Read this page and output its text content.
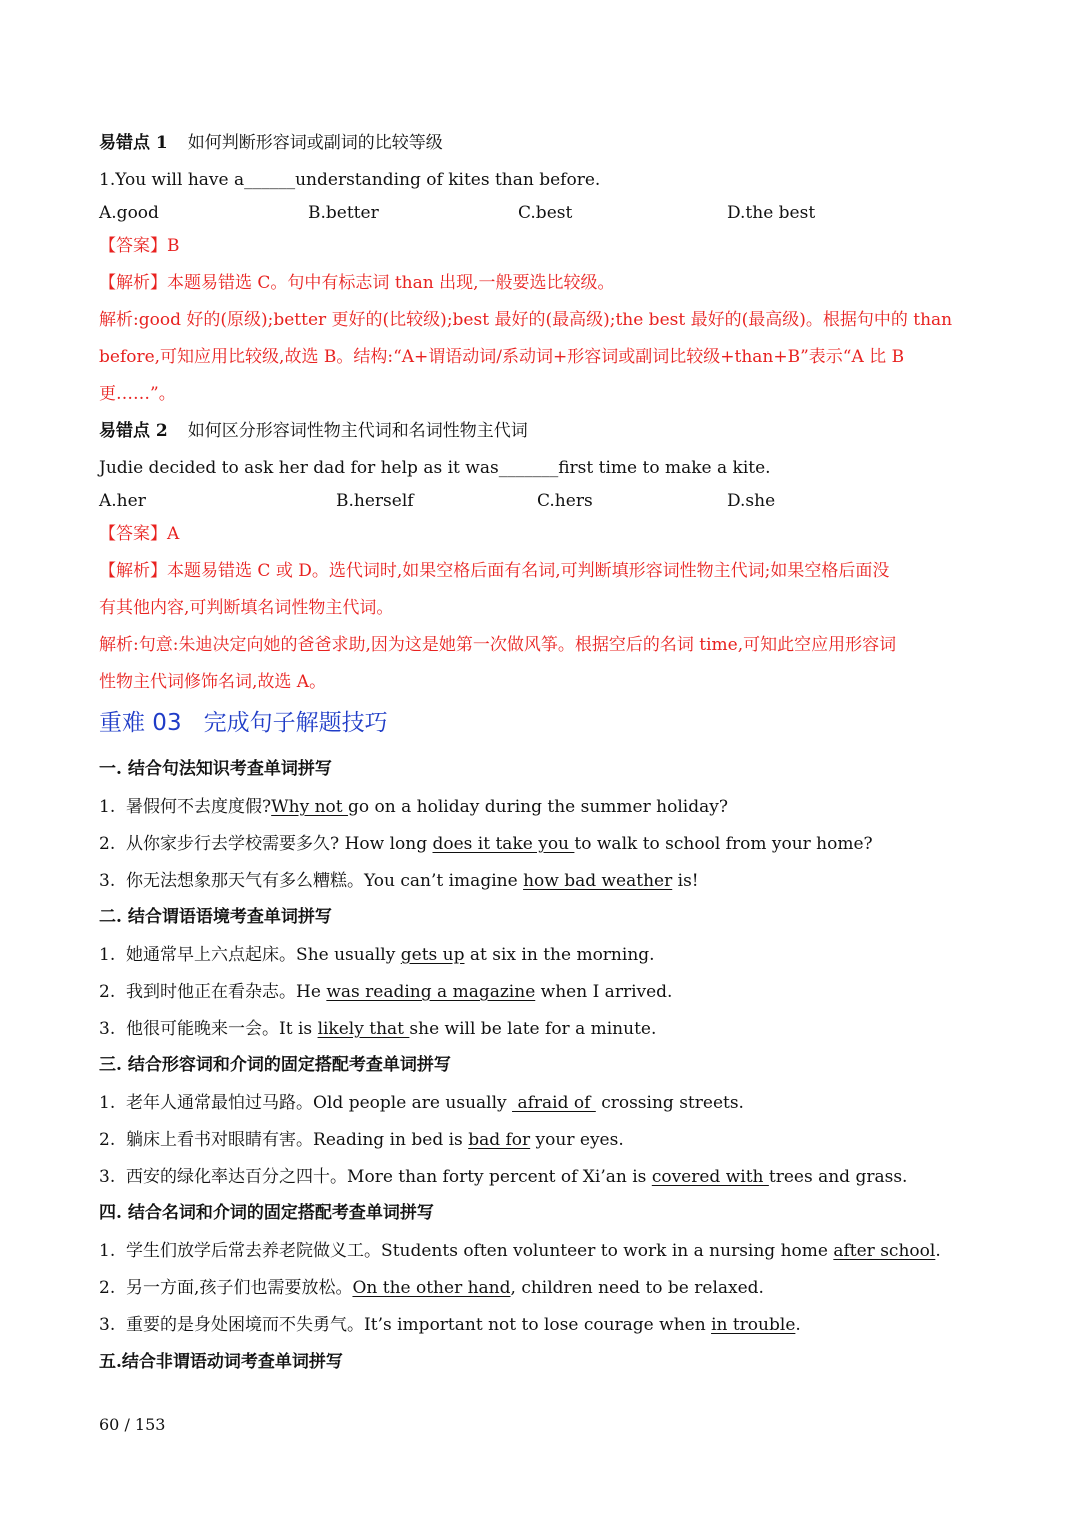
易错点 1 如何判断形容词或副词的比较等级
1.You will have a______understanding of kites than before.
A.good	B.better	C.best	D.the best
【答案】B
【解析】本题易错选 C。句中有标志词 than 出现,一般要选比较级。
解析:good 好的(原级);better 更好的(比较级);best 最好的(最高级);the best 最好的(最高级)。根据句中的 than
before,可知应用比较级,故选 B。结构:“A+谓语动词/系动词+形容词或副词比较级+than+B”表示“A 比 B
更……”。
易错点 2 如何区分形容词性物主代词和名词性物主代词
Judie decided to ask her dad for help as it was_______first time to make a kite.
A.her	B.herself	C.hers	D.she
【答案】A
【解析】本题易错选 C 或 D。选代词时,如果空格后面有名词,可判断填形容词性物主代词;如果空格后面没
有其他内容,可判断填名词性物主代词。
解析:句意:朱迪决定向她的爸爸求助,因为这是她第一次做风筝。根据空后的名词 time,可知此空应用形容词
性物主代词修饰名词,故选 A。
重难 03 完成句子解题技巧
一. 结合句法知识考查单词拼写
1. 暑假何不去度度假?Why not go on a holiday during the summer holiday?
2. 从你家步行去学校需要多久? How long does it take you to walk to school from your home?
3. 你无法想象那天气有多么糟糕。You can’t imagine how bad weather is!
二. 结合谓语语境考查单词拼写
1. 她通常早上六点起床。She usually gets up at six in the morning.
2. 我到时他正在看杂志。He was reading a magazine when I arrived.
3. 他很可能晚来一会。It is likely that she will be late for a minute.
三. 结合形容词和介词的固定搭配考查单词拼写
1. 老年人通常最怕过马路。Old people are usually  afraid of  crossing streets.
2. 躺床上看书对眼睛有害。Reading in bed is bad for your eyes.
3. 西安的绿化率达百分之四十。More than forty percent of Xi’an is covered with trees and grass.
四. 结合名词和介词的固定搭配考查单词拼写
1. 学生们放学后常去养老院做义工。Students often volunteer to work in a nursing home after school.
2. 另一方面,孩子们也需要放松。On the other hand, children need to be relaxed.
3. 重要的是身处困境而不失勇气。It’s important not to lose courage when in trouble.
五.结合非谓语动词考查单词拼写
60 / 153
